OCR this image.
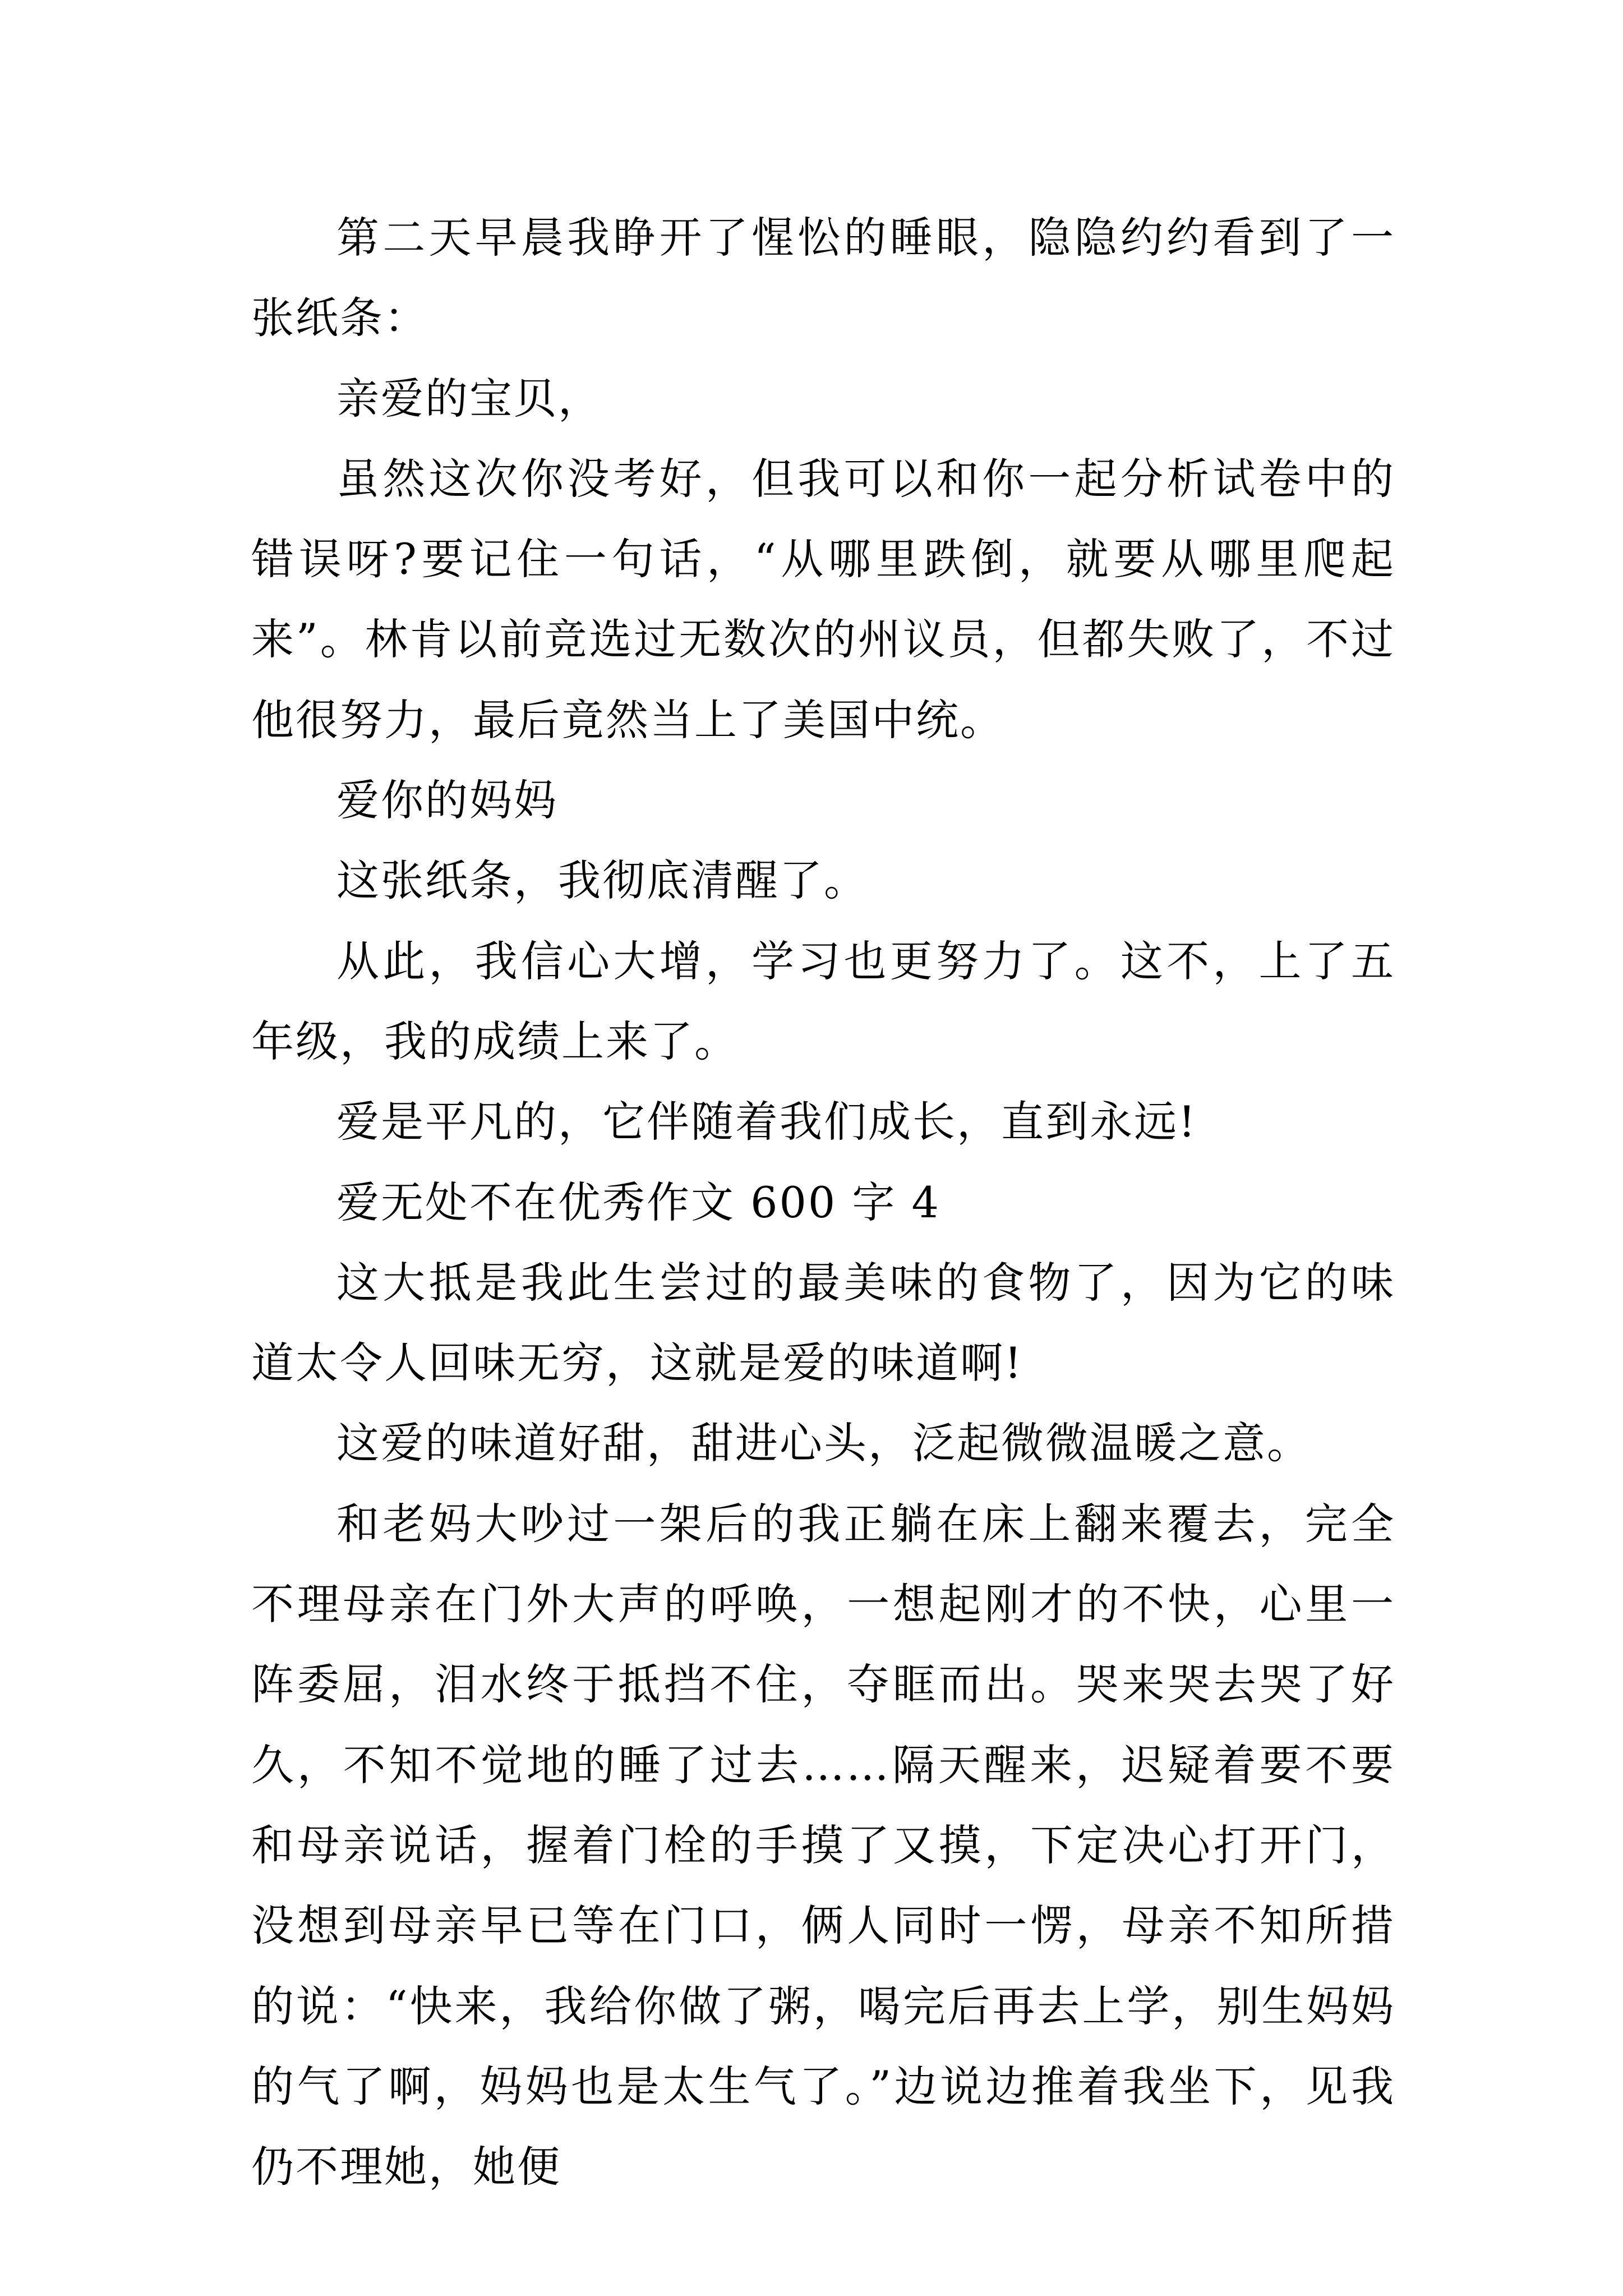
第二天早晨我睁开了惺忪的睡眼，隐隐约约看到了一张纸条：

亲爱的宝贝，

虽然这次你没考好，但我可以和你一起分析试卷中的错误呀?要记住一句话，“从哪里跌倒，就要从哪里爬起来”。林肯以前竞选过无数次的州议员，但都失败了，不过他很努力，最后竟然当上了美国中统。

爱你的妈妈

这张纸条，我彻底清醒了。

从此，我信心大增，学习也更努力了。这不，上了五年级，我的成绩上来了。

爱是平凡的，它伴随着我们成长，直到永远!

爱无处不在优秀作文 600 字 4

这大抵是我此生尝过的最美味的食物了，因为它的味道太令人回味无穷，这就是爱的味道啊!

这爱的味道好甜，甜进心头，泛起微微温暖之意。

和老妈大吵过一架后的我正躺在床上翻来覆去，完全不理母亲在门外大声的呼唤，一想起刚才的不快，心里一阵委屈，泪水终于抵挡不住，夺眶而出。哭来哭去哭了好久，不知不觉地的睡了过去……隔天醒来，迟疑着要不要和母亲说话，握着门栓的手摸了又摸，下定决心打开门，没想到母亲早已等在门口，俩人同时一愣，母亲不知所措的说：“快来，我给你做了粥，喝完后再去上学，别生妈妈的气了啊，妈妈也是太生气了。”边说边推着我坐下，见我仍不理她，她便
